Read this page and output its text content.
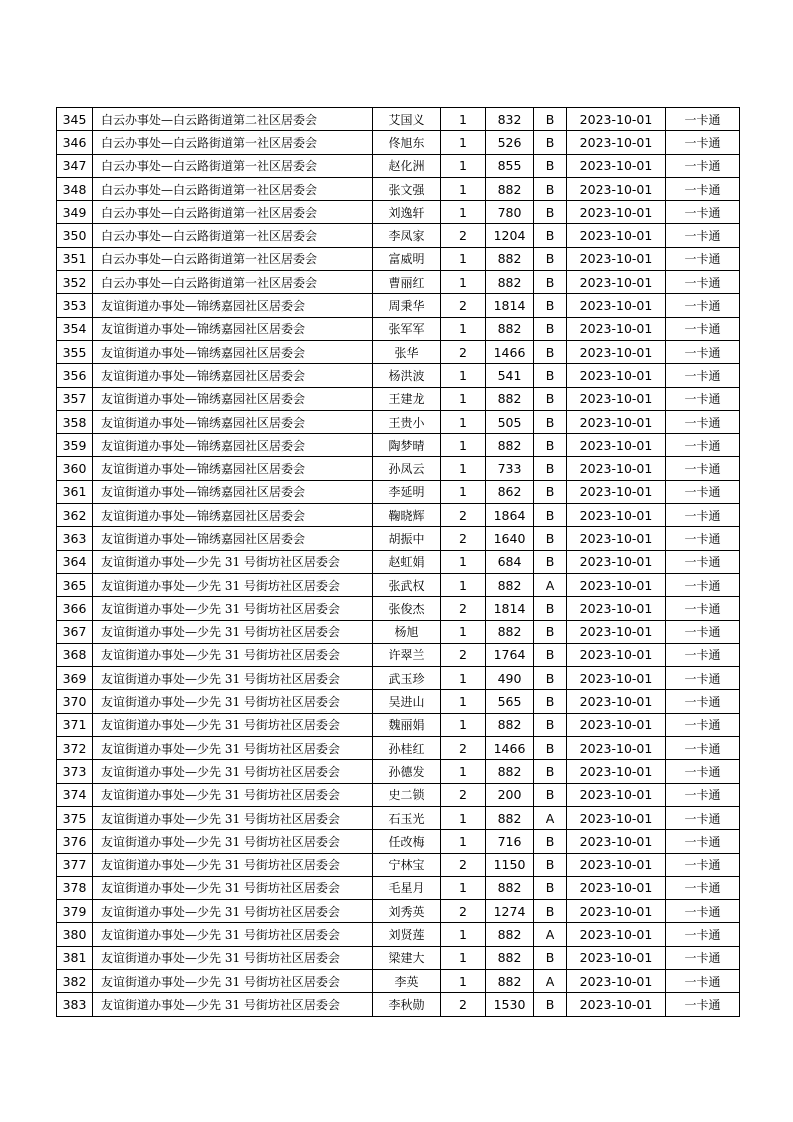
345	白云办事处—白云路街道第二社区居委会	艾国义	1	832	B	2023-10-01	一卡通
346	白云办事处—白云路街道第一社区居委会	佟旭东	1	526	B	2023-10-01	一卡通
347	白云办事处—白云路街道第一社区居委会	赵化洲	1	855	B	2023-10-01	一卡通
348	白云办事处—白云路街道第一社区居委会	张文强	1	882	B	2023-10-01	一卡通
349	白云办事处—白云路街道第一社区居委会	刘逸轩	1	780	B	2023-10-01	一卡通
350	白云办事处—白云路街道第一社区居委会	李凤家	2	1204	B	2023-10-01	一卡通
351	白云办事处—白云路街道第一社区居委会	富威明	1	882	B	2023-10-01	一卡通
352	白云办事处—白云路街道第一社区居委会	曹丽红	1	882	B	2023-10-01	一卡通
353	友谊街道办事处—锦绣嘉园社区居委会	周秉华	2	1814	B	2023-10-01	一卡通
354	友谊街道办事处—锦绣嘉园社区居委会	张军军	1	882	B	2023-10-01	一卡通
355	友谊街道办事处—锦绣嘉园社区居委会	张华	2	1466	B	2023-10-01	一卡通
356	友谊街道办事处—锦绣嘉园社区居委会	杨洪波	1	541	B	2023-10-01	一卡通
357	友谊街道办事处—锦绣嘉园社区居委会	王建龙	1	882	B	2023-10-01	一卡通
358	友谊街道办事处—锦绣嘉园社区居委会	王贵小	1	505	B	2023-10-01	一卡通
359	友谊街道办事处—锦绣嘉园社区居委会	陶梦晴	1	882	B	2023-10-01	一卡通
360	友谊街道办事处—锦绣嘉园社区居委会	孙凤云	1	733	B	2023-10-01	一卡通
361	友谊街道办事处—锦绣嘉园社区居委会	李延明	1	862	B	2023-10-01	一卡通
362	友谊街道办事处—锦绣嘉园社区居委会	鞠晓辉	2	1864	B	2023-10-01	一卡通
363	友谊街道办事处—锦绣嘉园社区居委会	胡振中	2	1640	B	2023-10-01	一卡通
364	友谊街道办事处—少先 31 号街坊社区居委会	赵虹娟	1	684	B	2023-10-01	一卡通
365	友谊街道办事处—少先 31 号街坊社区居委会	张武权	1	882	A	2023-10-01	一卡通
366	友谊街道办事处—少先 31 号街坊社区居委会	张俊杰	2	1814	B	2023-10-01	一卡通
367	友谊街道办事处—少先 31 号街坊社区居委会	杨旭	1	882	B	2023-10-01	一卡通
368	友谊街道办事处—少先 31 号街坊社区居委会	许翠兰	2	1764	B	2023-10-01	一卡通
369	友谊街道办事处—少先 31 号街坊社区居委会	武玉珍	1	490	B	2023-10-01	一卡通
370	友谊街道办事处—少先 31 号街坊社区居委会	吴进山	1	565	B	2023-10-01	一卡通
371	友谊街道办事处—少先 31 号街坊社区居委会	魏丽娟	1	882	B	2023-10-01	一卡通
372	友谊街道办事处—少先 31 号街坊社区居委会	孙桂红	2	1466	B	2023-10-01	一卡通
373	友谊街道办事处—少先 31 号街坊社区居委会	孙德发	1	882	B	2023-10-01	一卡通
374	友谊街道办事处—少先 31 号街坊社区居委会	史二锁	2	200	B	2023-10-01	一卡通
375	友谊街道办事处—少先 31 号街坊社区居委会	石玉光	1	882	A	2023-10-01	一卡通
376	友谊街道办事处—少先 31 号街坊社区居委会	任改梅	1	716	B	2023-10-01	一卡通
377	友谊街道办事处—少先 31 号街坊社区居委会	宁林宝	2	1150	B	2023-10-01	一卡通
378	友谊街道办事处—少先 31 号街坊社区居委会	毛星月	1	882	B	2023-10-01	一卡通
379	友谊街道办事处—少先 31 号街坊社区居委会	刘秀英	2	1274	B	2023-10-01	一卡通
380	友谊街道办事处—少先 31 号街坊社区居委会	刘贤莲	1	882	A	2023-10-01	一卡通
381	友谊街道办事处—少先 31 号街坊社区居委会	梁建大	1	882	B	2023-10-01	一卡通
382	友谊街道办事处—少先 31 号街坊社区居委会	李英	1	882	A	2023-10-01	一卡通
383	友谊街道办事处—少先 31 号街坊社区居委会	李秋勋	2	1530	B	2023-10-01	一卡通
